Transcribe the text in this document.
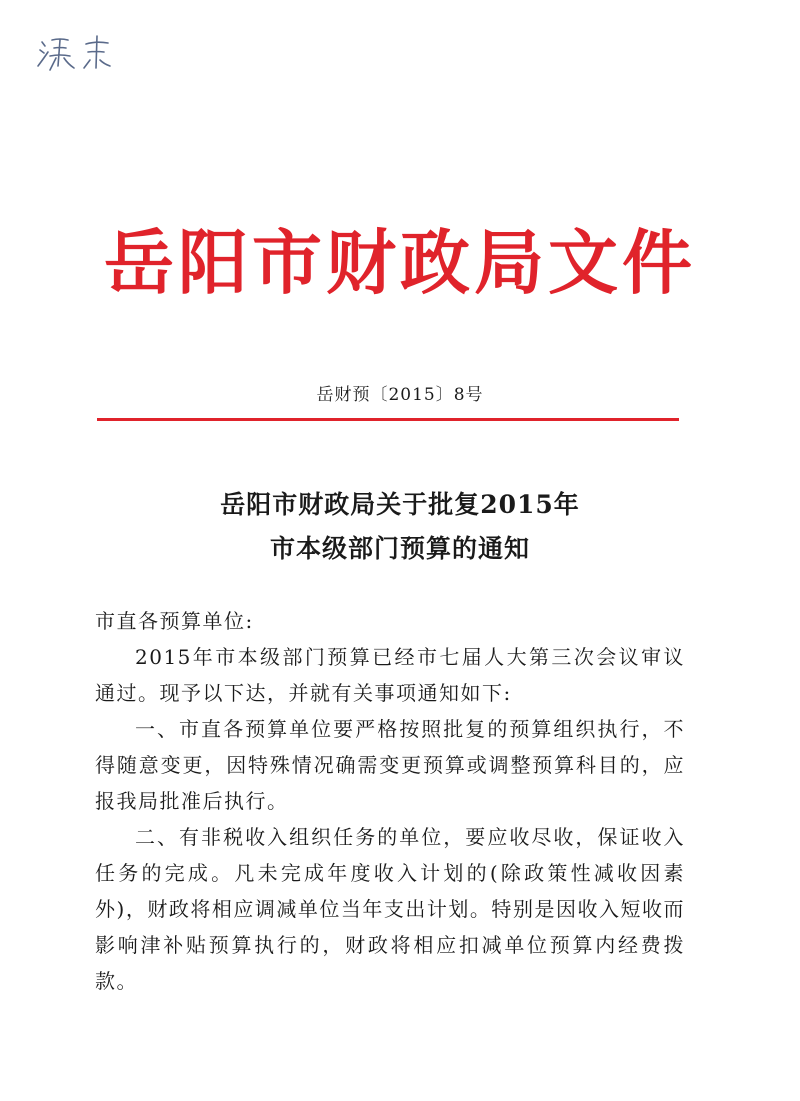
岳阳市财政局文件
岳财预〔2015〕8号
岳阳市财政局关于批复2015年
市本级部门预算的通知
市直各预算单位:
2015年市本级部门预算已经市七届人大第三次会议审议通过。现予以下达，并就有关事项通知如下:
一、市直各预算单位要严格按照批复的预算组织执行，不得随意变更，因特殊情况确需变更预算或调整预算科目的，应报我局批准后执行。
二、有非税收入组织任务的单位，要应收尽收，保证收入任务的完成。凡未完成年度收入计划的(除政策性减收因素外)，财政将相应调减单位当年支出计划。特别是因收入短收而影响津补贴预算执行的，财政将相应扣减单位预算内经费拨款。
